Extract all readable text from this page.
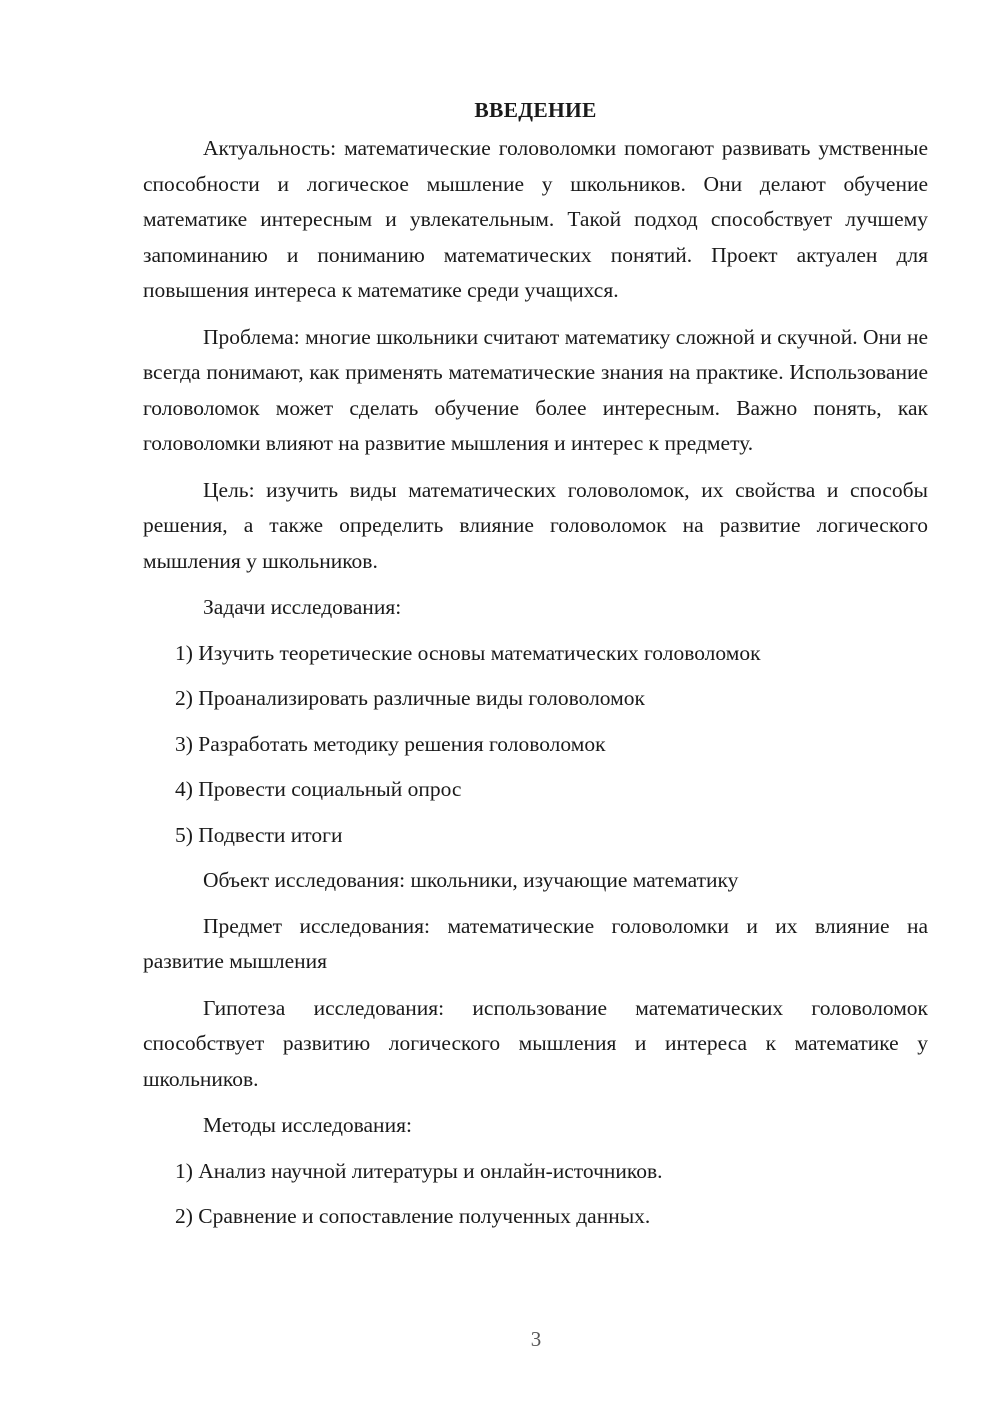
ВВЕДЕНИЕ

Актуальность: математические головоломки помогают развивать умственные способности и логическое мышление у школьников. Они делают обучение математике интересным и увлекательным. Такой подход способствует лучшему запоминанию и пониманию математических понятий. Проект актуален для повышения интереса к математике среди учащихся.

Проблема: многие школьники считают математику сложной и скучной. Они не всегда понимают, как применять математические знания на практике. Использование головоломок может сделать обучение более интересным. Важно понять, как головоломки влияют на развитие мышления и интерес к предмету.

Цель: изучить виды математических головоломок, их свойства и способы решения, а также определить влияние головоломок на развитие логического мышления у школьников.

Задачи исследования:

1) Изучить теоретические основы математических головоломок

2) Проанализировать различные виды головоломок

3) Разработать методику решения головоломок

4) Провести социальный опрос

5) Подвести итоги

Объект исследования: школьники, изучающие математику

Предмет исследования: математические головоломки и их влияние на развитие мышления

Гипотеза исследования: использование математических головоломок способствует развитию логического мышления и интереса к математике у школьников.

Методы исследования:

1) Анализ научной литературы и онлайн-источников.

2) Сравнение и сопоставление полученных данных.

3
